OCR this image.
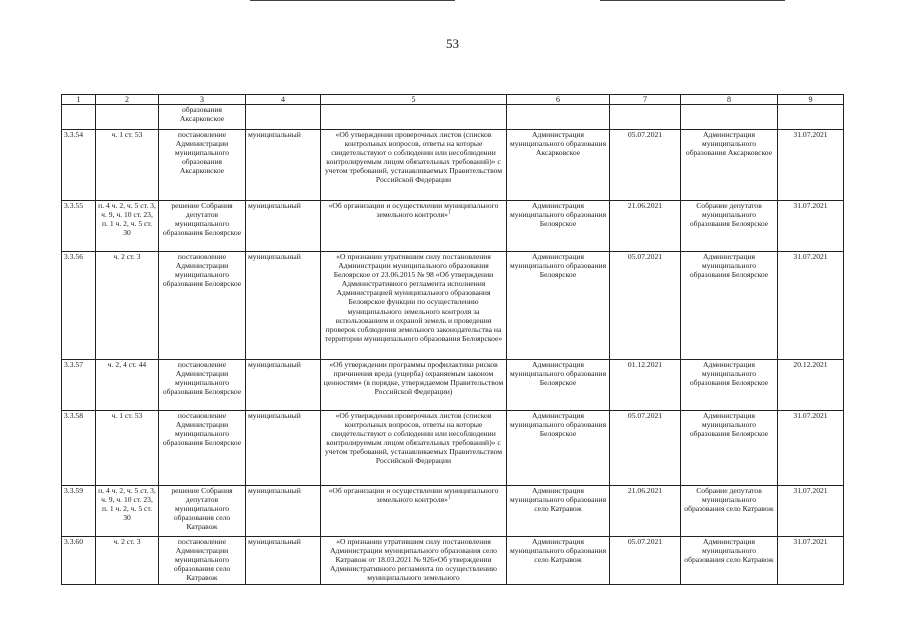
53
1	2	3	4	5	6	7	8	9
		образования Аксарковское						
3.3.54	ч. 1 ст. 53	постановление Администрации муниципального образования Аксарковское	муниципальный	«Об утверждении проверочных листов (списков контрольных вопросов, ответы на которые свидетельствуют о соблюдении или несоблюдении контролируемым лицом обязательных требований)» с учетом требований, устанавливаемых Правительством Российской Федерации	Администрация муниципального образования Аксарковское	05.07.2021	Администрация муниципального образования Аксарковское	31.07.2021
3.3.55	п. 4 ч. 2, ч. 5 ст. 3, ч. 9, ч. 10 ст. 23, п. 1 ч. 2, ч. 5 ст. 30	решение Собрания депутатов муниципального образования Белоярское	муниципальный	«Об организации и осуществлении муниципального земельного контроля»$^1$	Администрация муниципального образования Белоярское	21.06.2021	Собрание депутатов муниципального образования Белоярское	31.07.2021
3.3.56	ч. 2 ст. 3	постановление Администрации муниципального образования Белоярское	муниципальный	«О признании утратившим силу постановления Администрации муниципального образования Белоярское от 23.06.2015 № 98 «Об утверждении Административного регламента исполнения Администрацией муниципального образования Белоярское функции по осуществлению муниципального земельного контроля за использованием и охраной земель и проведения проверок соблюдения земельного законодательства на территории муниципального образования Белоярское»	Администрация муниципального образования Белоярское	05.07.2021	Администрация муниципального образования Белоярское	31.07.2021
3.3.57	ч. 2, 4 ст. 44	постановление Администрации муниципального образования Белоярское	муниципальный	«Об утверждении программы профилактики рисков причинения вреда (ущерба) охраняемым законом ценностям» (в порядке, утверждаемом Правительством Российской Федерации)	Администрация муниципального образования Белоярское	01.12.2021	Администрация муниципального образования Белоярское	20.12.2021
3.3.58	ч. 1 ст. 53	постановление Администрации муниципального образования Белоярское	муниципальный	«Об утверждении проверочных листов (списков контрольных вопросов, ответы на которые свидетельствуют о соблюдении или несоблюдении контролируемым лицом обязательных требований)» с учетом требований, устанавливаемых Правительством Российской Федерации	Администрация муниципального образования Белоярское	05.07.2021	Администрация муниципального образования Белоярское	31.07.2021
3.3.59	п. 4 ч. 2, ч. 5 ст. 3, ч. 9, ч. 10 ст. 23, п. 1 ч. 2, ч. 5 ст. 30	решение Собрания депутатов муниципального образования село Катравож	муниципальный	«Об организации и осуществлении муниципального земельного контроля»$^1$	Администрация муниципального образования село Катравож	21.06.2021	Собрание депутатов муниципального образования село Катравож	31.07.2021
3.3.60	ч. 2 ст. 3	постановление Администрации муниципального образования село Катравож	муниципальный	«О признании утратившим силу постановления Администрации муниципального образования село Катравож от 18.03.2021 № 926«Об утверждении Административного регламента по осуществлению муниципального земельного	Администрация муниципального образования село Катравож	05.07.2021	Администрация муниципального образования село Катравож	31.07.2021
